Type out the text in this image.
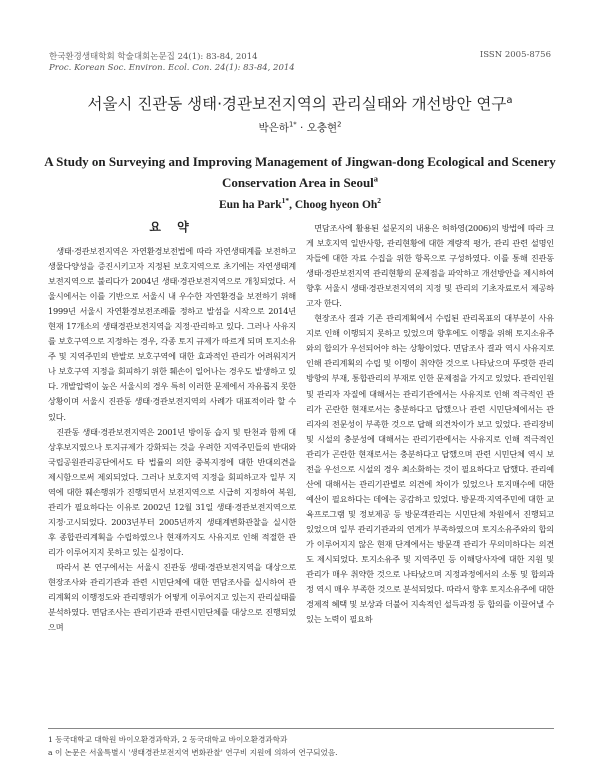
한국환경생태학회 학술대회논문집 24(1): 83-84, 2014
Proc. Korean Soc. Environ. Ecol. Con. 24(1): 83-84, 2014
ISSN 2005-8756
서울시 진관동 생태·경관보전지역의 관리실태와 개선방안 연구$^a$
박은하$^{1*}$ · 오충현$^2$
A Study on Surveying and Improving Management of Jingwan-dong Ecological and Scenery
Conservation Area in Seoul$^a$
Eun ha Park$^{1*}$, Choog hyeon Oh$^2$
요 약

생태·경관보전지역은 자연환경보전법에 따라 자연생태계를 보전하고 생물다양성을 증진시키고자 지정된 보호지역으로 초기에는 자연생태계보전지역으로 불리다가 2004년 생태·경관보전지역으로 개칭되었다. 서울시에서는 이를 기반으로 서울시 내 우수한 자연환경을 보전하기 위해 1999년 서울시 자연환경보전조례를 정하고 발섬을 시작으로 2014년 현재 17개소의 생태경관보전지역을 지정·관리하고 있다. 그러나 사유지를 보호구역으로 지정하는 경우, 각종 토지 규제가 따르게 되며 토지소유주 및 지역주민의 반발로 보호구역에 대한 효과적인 관리가 어려워지거나 보호구역 지정을 회피하기 위한 훼손이 일어나는 경우도 발생하고 있다. 개발압력이 높은 서울시의 경우 특히 이러한 문제에서 자유롭지 못한 상황이며 서울시 진관동 생태·경관보전지역의 사례가 대표적이라 할 수 있다.

진관동 생태·경관보전지역은 2001년 방이동 습지 및 탄천과 함께 대상후보지였으나 토지규제가 강화되는 것을 우려한 지역주민들의 반대와 국립공원관리공단에서도 타 법률의 의한 중복지정에 대한 반대의견을 제시함으로써 제외되었다. 그러나 보호지역 지정을 회피하고자 일부 지역에 대한 훼손행위가 진행되면서 보전지역으로 시급히 지정하여 복원, 관리가 필요하다는 이유로 2002년 12월 31일 생태·경관보전지역으로 지정·고시되었다. 2003년부터 2005년까지 생태계변화관찰을 실시한 후 종합관리계획을 수립하였으나 현재까지도 사유지로 인해 적절한 관리가 이루어지지 못하고 있는 실정이다.

따라서 본 연구에서는 서울시 진관동 생태·경관보전지역을 대상으로 현장조사와 관리기관과 관련 시민단체에 대한 면담조사를 실시하여 관리계획의 이행정도와 관리행위가 어떻게 이루어지고 있는지 관리실태를 분석하였다. 면담조사는 관리기관과 관련시민단체를 대상으로 진행되었으며

면담조사에 활용된 설문지의 내용은 허하영(2006)의 방법에 따라 크게 보호지역 일반사항, 관리현황에 대한 계량적 평가, 관리 관련 설명인자들에 대한 자료 수집을 위한 항목으로 구성하였다. 이를 통해 진관동 생태·경관보전지역 관리현황의 문제점을 파악하고 개선방안을 제시하여 향후 서울시 생태·경관보전지역의 지정 및 관리의 기초자료로서 제공하고자 한다.

현장조사 결과 기존 관리계획에서 수립된 관리목표의 대부분이 사유지로 인해 이행되지 못하고 있었으며 향후에도 이행을 위해 토지소유주와의 합의가 우선되어야 하는 상황이었다. 면담조사 결과 역시 사유지로 인해 관리계획의 수립 및 이행이 취약한 것으로 나타났으며 뚜렷한 관리방향의 부재, 통합관리의 부재로 인한 문제점을 가지고 있었다. 관리인원 및 관리자 자질에 대해서는 관리기관에서는 사유지로 인해 적극적인 관리가 곤란한 현재로서는 충분하다고 답했으나 관련 시민단체에서는 관리자의 전문성이 부족한 것으로 답해 의견차이가 보고 있었다. 관리장비 및 시설의 충분성에 대해서는 관리기관에서는 사유지로 인해 적극적인 관리가 곤란한 현재로서는 충분하다고 답했으며 관련 시민단체 역시 보전을 우선으로 시설의 경우 최소화하는 것이 필요하다고 답했다. 관리예산에 대해서는 관리기관별로 의견에 차이가 있었으나 토지매수에 대한 예산이 필요하다는 데에는 공감하고 있었다. 방문객·지역주민에 대한 교육프로그램 및 정보제공 등 방문객관리는 시민단체 차원에서 진행되고 있었으며 일부 관리기관과의 연계가 부족하였으며 토지소유주와의 합의가 이루어지지 않은 현재 단계에서는 방문객 관리가 무의미하다는 의견도 제시되었다. 토지소유주 및 지역주민 등 이해당사자에 대한 지원 및 관리가 매우 취약한 것으로 나타났으며 지정과정에서의 소통 및 합의과정 역시 매우 부족한 것으로 분석되었다. 따라서 향후 토지소유주에 대한 경제적 혜택 및 보상과 더불어 지속적인 설득과정 등 합의를 이끌어낼 수 있는 노력이 필요하

1 동국대학교 대학원 바이오환경과학과, 2 동국대학교 바이오환경과학과
a 이 논문은 서울특별시 '생태경관보전지역 변화관찰' 연구비 지원에 의하여 연구되었음.
